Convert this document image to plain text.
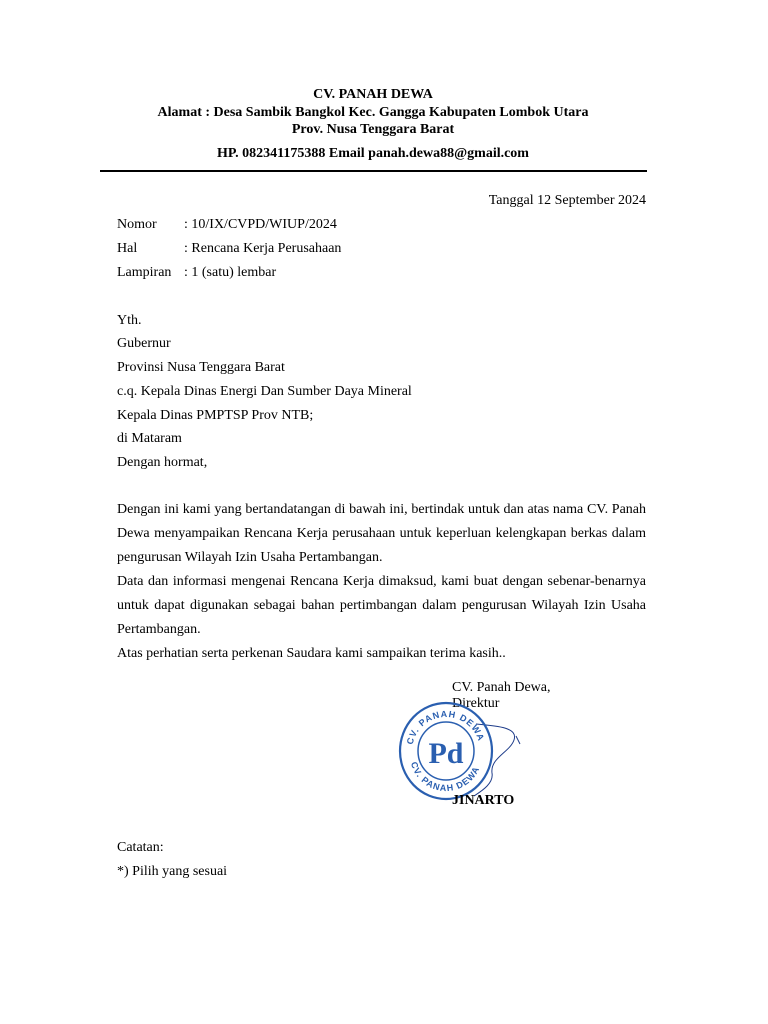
CV. PANAH DEWA
Alamat : Desa Sambik Bangkol Kec. Gangga Kabupaten Lombok Utara
Prov. Nusa Tenggara Barat
HP. 082341175388 Email panah.dewa88@gmail.com
Tanggal 12 September 2024
Nomor : 10/IX/CVPD/WIUP/2024
Hal	: Rencana Kerja Perusahaan
Lampiran : 1 (satu) lembar
Yth.
Gubernur
Provinsi Nusa Tenggara Barat
c.q. Kepala Dinas Energi Dan Sumber Daya Mineral
Kepala Dinas PMPTSP Prov NTB;
di Mataram
Dengan hormat,
Dengan ini kami yang bertandatangan di bawah ini, bertindak untuk dan atas nama CV. Panah Dewa menyampaikan Rencana Kerja perusahaan untuk keperluan kelengkapan berkas dalam pengurusan Wilayah Izin Usaha Pertambangan.
Data dan informasi mengenai Rencana Kerja dimaksud, kami buat dengan sebenar-benarnya untuk dapat digunakan sebagai bahan pertimbangan dalam pengurusan Wilayah Izin Usaha Pertambangan.
Atas perhatian serta perkenan Saudara kami sampaikan terima kasih..
CV. Panah Dewa,
Direktur
CV. PANAH DEWA
CV. PANAH DEWA
Pd
JINARTO
Catatan:
*) Pilih yang sesuai
